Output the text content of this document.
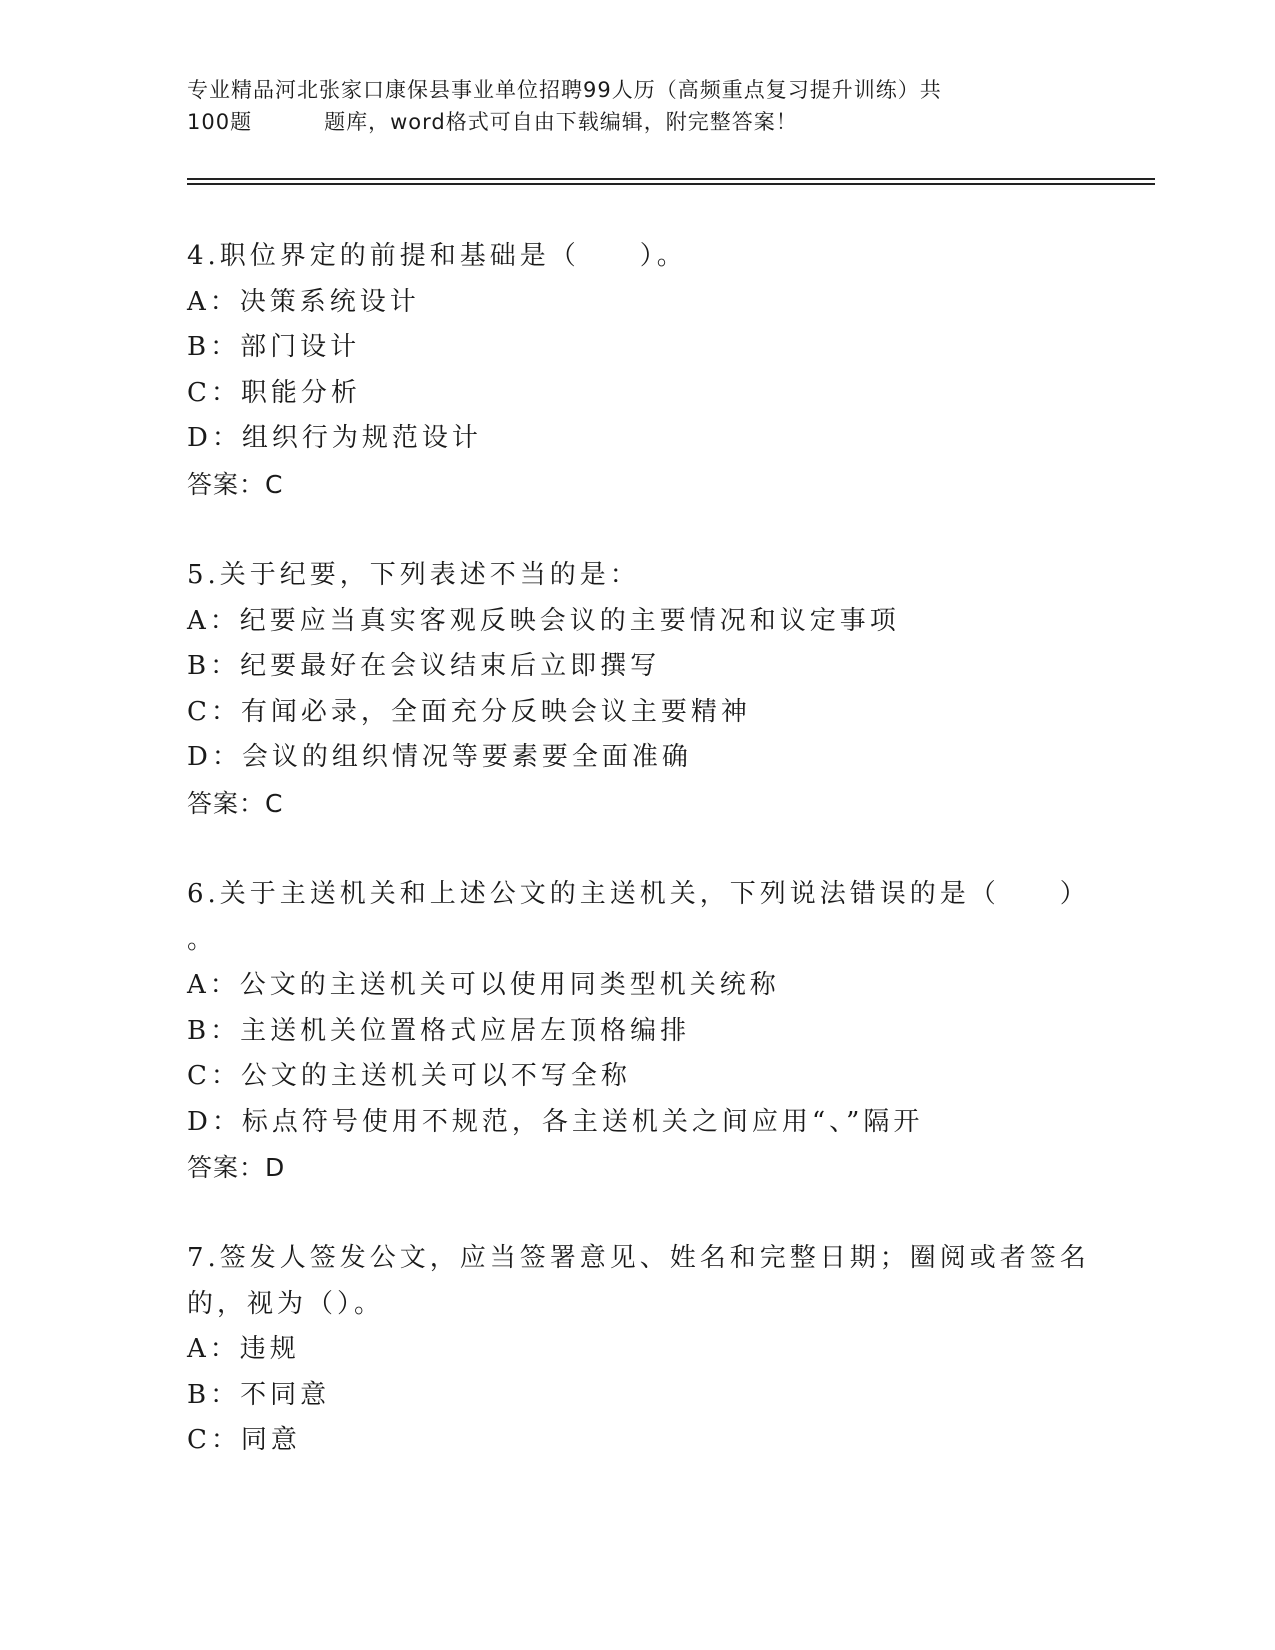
专业精品河北张家口康保县事业单位招聘99人历（高频重点复习提升训练）共
100题	题库，word格式可自由下载编辑，附完整答案！
4.职位界定的前提和基础是（　　）。
A：决策系统设计
B：部门设计
C：职能分析
D：组织行为规范设计
答案：C
5.关于纪要，下列表述不当的是：
A：纪要应当真实客观反映会议的主要情况和议定事项
B：纪要最好在会议结束后立即撰写
C：有闻必录，全面充分反映会议主要精神
D：会议的组织情况等要素要全面准确
答案：C
6.关于主送机关和上述公文的主送机关，下列说法错误的是（　　）
。
A：公文的主送机关可以使用同类型机关统称
B：主送机关位置格式应居左顶格编排
C：公文的主送机关可以不写全称
D：标点符号使用不规范，各主送机关之间应用“、”隔开
答案：D
7.签发人签发公文，应当签署意见、姓名和完整日期；圈阅或者签名
的，视为（）。
A：违规
B：不同意
C：同意
